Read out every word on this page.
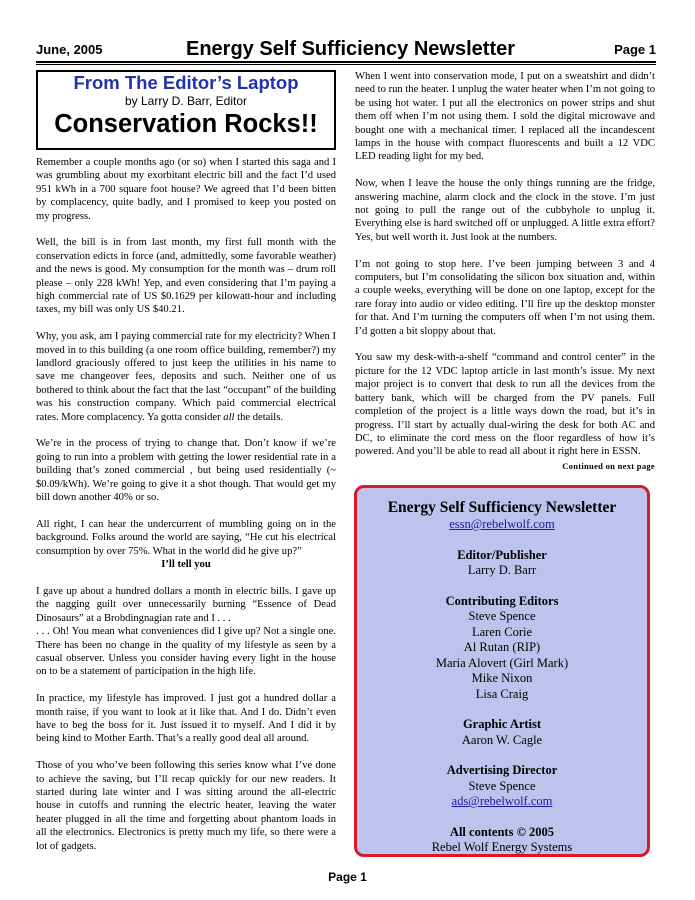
June, 2005	Energy Self Sufficiency Newsletter	Page 1
From The Editor’s Laptop
by Larry D. Barr, Editor
Conservation Rocks!!

Remember a couple months ago (or so) when I started this saga and I was grumbling about my exorbitant electric bill and the fact I’d used 951 kWh in a 700 square foot house? We agreed that I’d been bitten by complacency, quite badly, and I promised to keep you posted on my progress.

Well, the bill is in from last month, my first full month with the conservation edicts in force (and, admittedly, some favorable weather) and the news is good. My consumption for the month was – drum roll please – only 228 kWh! Yep, and even considering that I’m paying a high commercial rate of US $0.1629 per kilowatt-hour and including taxes, my bill was only US $40.21.

Why, you ask, am I paying commercial rate for my electricity? When I moved in to this building (a one room office building, remember?) my landlord graciously offered to just keep the utilities in his name to save me changeover fees, deposits and such. Neither one of us bothered to think about the fact that the last “occupant” of the building was his construction company. Which paid commercial electrical rates. More complacency. Ya gotta consider all the details.

We’re in the process of trying to change that. Don’t know if we’re going to run into a problem with getting the lower residential rate in a building that’s zoned commercial , but being used residentially (~ $0.09/kWh). We’re going to give it a shot though. That would get my bill down another 40% or so.

All right, I can hear the undercurrent of mumbling going on in the background. Folks around the world are saying, “He cut his electrical consumption by over 75%. What in the world did he give up?”

I’ll tell you

I gave up about a hundred dollars a month in electric bills. I gave up the nagging guilt over unnecessarily burning “Essence of Dead Dinosaurs” at a Brobdingnagian rate and I . . .

. . . Oh! You mean what conveniences did I give up? Not a single one. There has been no change in the quality of my lifestyle as seen by a casual observer. Unless you consider having every light in the house on to be a statement of participation in the high life.

In practice, my lifestyle has improved. I just got a hundred dollar a month raise, if you want to look at it like that. And I do. Didn’t even have to beg the boss for it. Just issued it to myself. And I did it by being kind to Mother Earth. That’s a really good deal all around.

Those of you who’ve been following this series know what I’ve done to achieve the saving, but I’ll recap quickly for our new readers. It started during late winter and I was sitting around the all-electric house in cutoffs and running the electric heater, leaving the water heater plugged in all the time and forgetting about phantom loads in all the electronics. Electronics is pretty much my life, so there were a lot of gadgets.

When I went into conservation mode, I put on a sweatshirt and didn’t need to run the heater. I unplug the water heater when I’m not going to be using hot water. I put all the electronics on power strips and shut them off when I’m not using them. I sold the digital microwave and bought one with a mechanical timer. I replaced all the incandescent lamps in the house with compact fluorescents and built a 12 VDC LED reading light for my bed.

Now, when I leave the house the only things running are the fridge, answering machine, alarm clock and the clock in the stove. I’m just not going to pull the range out of the cubbyhole to unplug it. Everything else is hard switched off or unplugged. A little extra effort? Yes, but well worth it. Just look at the numbers.

I’m not going to stop here. I’ve been jumping between 3 and 4 computers, but I’m consolidating the silicon box situation and, within a couple weeks, everything will be done on one laptop, except for the rare foray into audio or video editing. I’ll fire up the desktop monster for that. And I’m turning the computers off when I’m not using them. I’d gotten a bit sloppy about that.

You saw my desk-with-a-shelf “command and control center” in the picture for the 12 VDC laptop article in last month’s issue. My next major project is to convert that desk to run all the devices from the battery bank, which will be charged from the PV panels. Full completion of the project is a little ways down the road, but it’s in progress. I’ll start by actually dual-wiring the desk for both AC and DC, to eliminate the cord mess on the floor regardless of how it’s powered. And you’ll be able to read all about it right here in ESSN.

Continued on next page
Energy Self Sufficiency Newsletter
essn@rebelwolf.com
Editor/Publisher
Larry D. Barr
Contributing Editors
Steve Spence
Laren Corie
Al Rutan (RIP)
Maria Alovert (Girl Mark)
Mike Nixon
Lisa Craig
Graphic Artist
Aaron W. Cagle
Advertising Director
Steve Spence
ads@rebelwolf.com
All contents © 2005
Rebel Wolf Energy Systems
Page 1
